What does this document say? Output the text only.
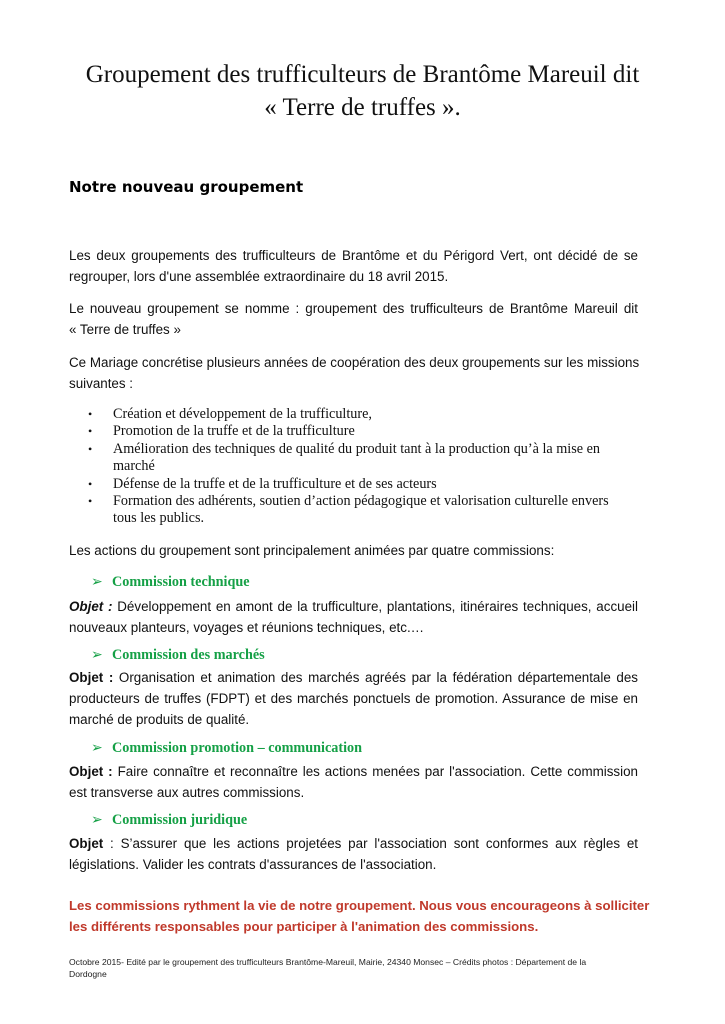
Groupement des trufficulteurs de Brantôme Mareuil dit
« Terre de truffes ».
Notre nouveau groupement
Les deux groupements des trufficulteurs de Brantôme et du Périgord Vert, ont décidé de se
regrouper, lors d'une assemblée extraordinaire du 18 avril 2015.
Le nouveau groupement se nomme : groupement des trufficulteurs de Brantôme Mareuil dit
« Terre de truffes »
Ce Mariage concrétise plusieurs années de coopération des deux groupements sur les missions
suivantes :
• Création et développement de la trufficulture,
• Promotion de la truffe et de la trufficulture
• Amélioration des techniques de qualité du produit tant à la production qu’à la mise en
marché
• Défense de la truffe et de la trufficulture et de ses acteurs
• Formation des adhérents, soutien d’action pédagogique et valorisation culturelle envers
tous les publics.
Les actions du groupement sont principalement animées par quatre commissions:
➢ Commission technique
Objet : Développement en amont de la trufficulture, plantations, itinéraires techniques, accueil
nouveaux planteurs, voyages et réunions techniques, etc.…
➢ Commission des marchés
Objet : Organisation et animation des marchés agréés par la fédération départementale des
producteurs de truffes (FDPT) et des marchés ponctuels de promotion. Assurance de mise en
marché de produits de qualité.
➢ Commission promotion – communication
Objet : Faire connaître et reconnaître les actions menées par l'association. Cette commission
est transverse aux autres commissions.
➢ Commission juridique
Objet : S’assurer que les actions projetées par l'association sont conformes aux règles et
législations. Valider les contrats d'assurances de l'association.
Les commissions rythment la vie de notre groupement. Nous vous encourageons à solliciter
les différents responsables pour participer à l'animation des commissions.
Octobre 2015- Edité par le groupement des trufficulteurs Brantôme-Mareuil, Mairie, 24340 Monsec – Crédits photos : Département de la
Dordogne
